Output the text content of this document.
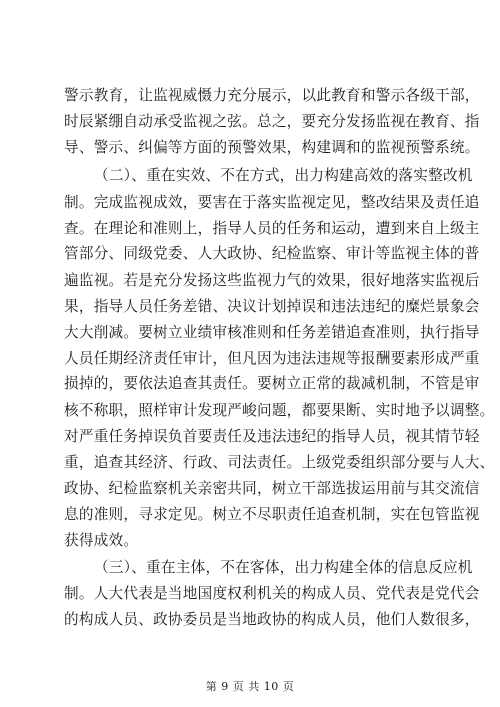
警示教育，让监视威慑力充分展示，以此教育和警示各级干部，
时辰紧绷自动承受监视之弦。总之，要充分发扬监视在教育、指
导、警示、纠偏等方面的预警效果，构建调和的监视预警系统。
（二）、重在实效、不在方式，出力构建高效的落实整改机
制。完成监视成效，要害在于落实监视定见，整改结果及责任追
查。在理论和准则上，指导人员的任务和运动，遭到来自上级主
管部分、同级党委、人大政协、纪检监察、审计等监视主体的普
遍监视。若是充分发扬这些监视力气的效果，很好地落实监视后
果，指导人员任务差错、决议计划掉误和违法违纪的糜烂景象会
大大削减。要树立业绩审核准则和任务差错追查准则，执行指导
人员任期经济责任审计，但凡因为违法违规等报酬要素形成严重
损掉的，要依法追查其责任。要树立正常的裁减机制，不管是审
核不称职，照样审计发现严峻问题，都要果断、实时地予以调整。
对严重任务掉误负首要责任及违法违纪的指导人员，视其情节轻
重，追查其经济、行政、司法责任。上级党委组织部分要与人大、
政协、纪检监察机关亲密共同，树立干部选拔运用前与其交流信
息的准则，寻求定见。树立不尽职责任追查机制，实在包管监视
获得成效。
（三）、重在主体，不在客体，出力构建全体的信息反应机
制。人大代表是当地国度权利机关的构成人员、党代表是党代会
的构成人员、政协委员是当地政协的构成人员，他们人数很多，
第 9 页 共 10 页
